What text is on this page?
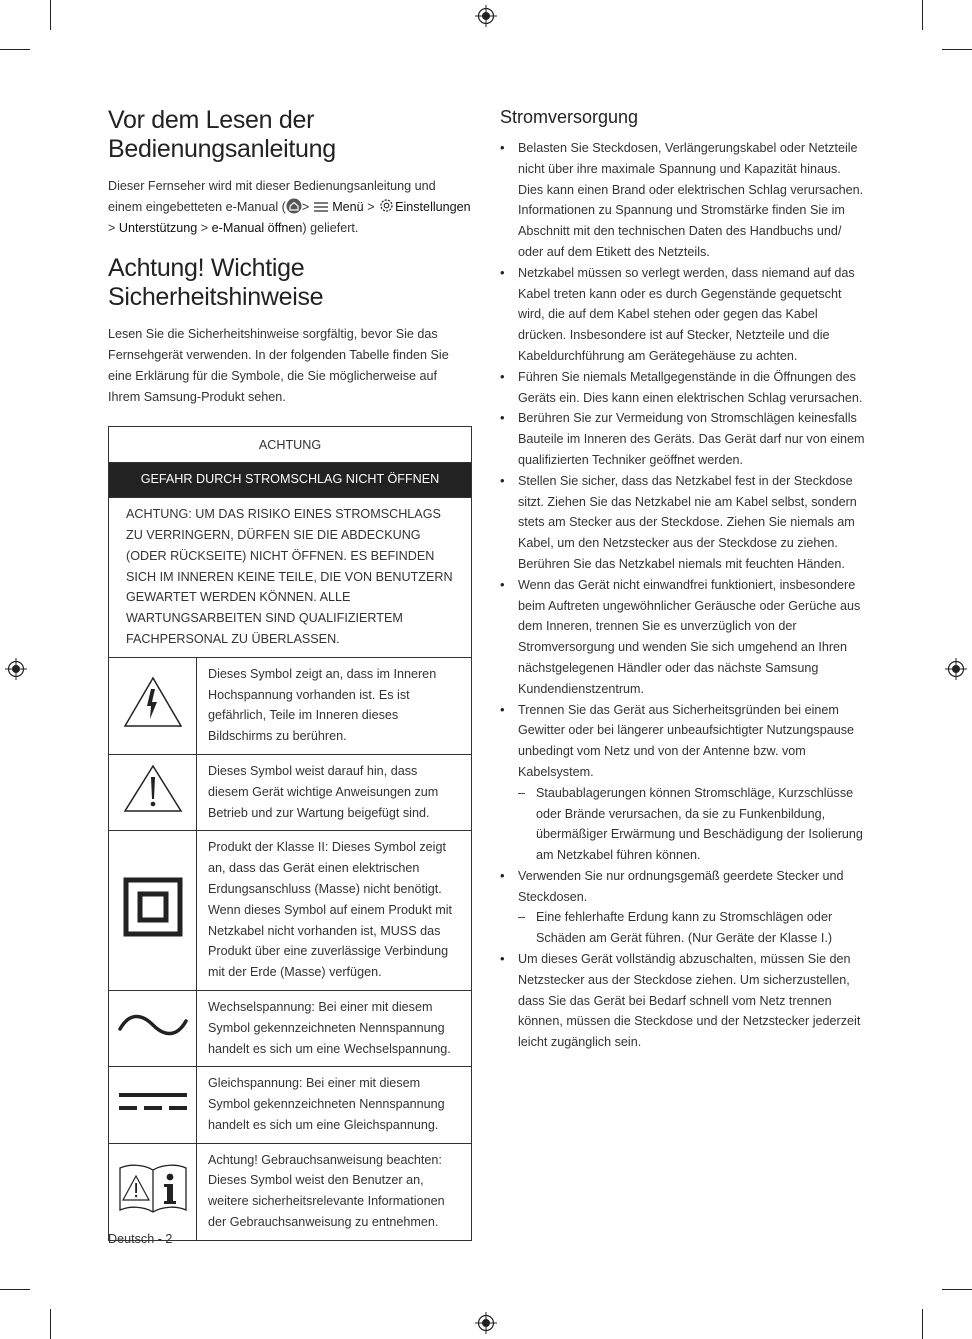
Vor dem Lesen der
Bedienungsanleitung

Dieser Fernseher wird mit dieser Bedienungsanleitung und einem eingebetteten e-Manual ( >  Menü > Einstellungen > Unterstützung > e-Manual öffnen) geliefert.

Achtung! Wichtige
Sicherheitshinweise

Lesen Sie die Sicherheitshinweise sorgfältig, bevor Sie das Fernsehgerät verwenden. In der folgenden Tabelle finden Sie eine Erklärung für die Symbole, die Sie möglicherweise auf Ihrem Samsung-Produkt sehen.

ACHTUNG	
GEFAHR DURCH STROMSCHLAG NICHT ÖFFNEN	
ACHTUNG: UM DAS RISIKO EINES STROMSCHLAGS ZU VERRINGERN, DÜRFEN SIE DIE ABDECKUNG (ODER RÜCKSEITE) NICHT ÖFFNEN. ES BEFINDEN SICH IM INNEREN KEINE TEILE, DIE VON BENUTZERN GEWARTET WERDEN KÖNNEN. ALLE WARTUNGSARBEITEN SIND QUALIFIZIERTEM FACHPERSONAL ZU ÜBERLASSEN.	
	Dieses Symbol zeigt an, dass im Inneren Hochspannung vorhanden ist. Es ist gefährlich, Teile im Inneren dieses Bildschirms zu berühren.
	Dieses Symbol weist darauf hin, dass diesem Gerät wichtige Anweisungen zum Betrieb und zur Wartung beigefügt sind.
	Produkt der Klasse II: Dieses Symbol zeigt an, dass das Gerät einen elektrischen Erdungsanschluss (Masse) nicht benötigt. Wenn dieses Symbol auf einem Produkt mit Netzkabel nicht vorhanden ist, MUSS das Produkt über eine zuverlässige Verbindung mit der Erde (Masse) verfügen.
	Wechselspannung: Bei einer mit diesem Symbol gekennzeichneten Nennspannung handelt es sich um eine Wechselspannung.
	Gleichspannung: Bei einer mit diesem Symbol gekennzeichneten Nennspannung handelt es sich um eine Gleichspannung.
	Achtung! Gebrauchsanweisung beachten: Dieses Symbol weist den Benutzer an, weitere sicherheitsrelevante Informationen der Gebrauchsanweisung zu entnehmen.
Stromversorgung
• Belasten Sie Steckdosen, Verlängerungskabel oder Netzteile nicht über ihre maximale Spannung und Kapazität hinaus. Dies kann einen Brand oder elektrischen Schlag verursachen. Informationen zu Spannung und Stromstärke finden Sie im Abschnitt mit den technischen Daten des Handbuchs und/ oder auf dem Etikett des Netzteils.
• Netzkabel müssen so verlegt werden, dass niemand auf das Kabel treten kann oder es durch Gegenstände gequetscht wird, die auf dem Kabel stehen oder gegen das Kabel drücken. Insbesondere ist auf Stecker, Netzteile und die Kabeldurchführung am Gerätegehäuse zu achten.
• Führen Sie niemals Metallgegenstände in die Öffnungen des Geräts ein. Dies kann einen elektrischen Schlag verursachen.
• Berühren Sie zur Vermeidung von Stromschlägen keinesfalls Bauteile im Inneren des Geräts. Das Gerät darf nur von einem qualifizierten Techniker geöffnet werden.
• Stellen Sie sicher, dass das Netzkabel fest in der Steckdose sitzt. Ziehen Sie das Netzkabel nie am Kabel selbst, sondern stets am Stecker aus der Steckdose. Ziehen Sie niemals am Kabel, um den Netzstecker aus der Steckdose zu ziehen. Berühren Sie das Netzkabel niemals mit feuchten Händen.
• Wenn das Gerät nicht einwandfrei funktioniert, insbesondere beim Auftreten ungewöhnlicher Geräusche oder Gerüche aus dem Inneren, trennen Sie es unverzüglich von der Stromversorgung und wenden Sie sich umgehend an Ihren nächstgelegenen Händler oder das nächste Samsung Kundendienstzentrum.
• Trennen Sie das Gerät aus Sicherheitsgründen bei einem Gewitter oder bei längerer unbeaufsichtigter Nutzungspause unbedingt vom Netz und von der Antenne bzw. vom Kabelsystem.
– Staubablagerungen können Stromschläge, Kurzschlüsse oder Brände verursachen, da sie zu Funkenbildung, übermäßiger Erwärmung und Beschädigung der Isolierung am Netzkabel führen können.
• Verwenden Sie nur ordnungsgemäß geerdete Stecker und Steckdosen.
– Eine fehlerhafte Erdung kann zu Stromschlägen oder Schäden am Gerät führen. (Nur Geräte der Klasse I.)
• Um dieses Gerät vollständig abzuschalten, müssen Sie den Netzstecker aus der Steckdose ziehen. Um sicherzustellen, dass Sie das Gerät bei Bedarf schnell vom Netz trennen können, müssen die Steckdose und der Netzstecker jederzeit leicht zugänglich sein.
Deutsch - 2
